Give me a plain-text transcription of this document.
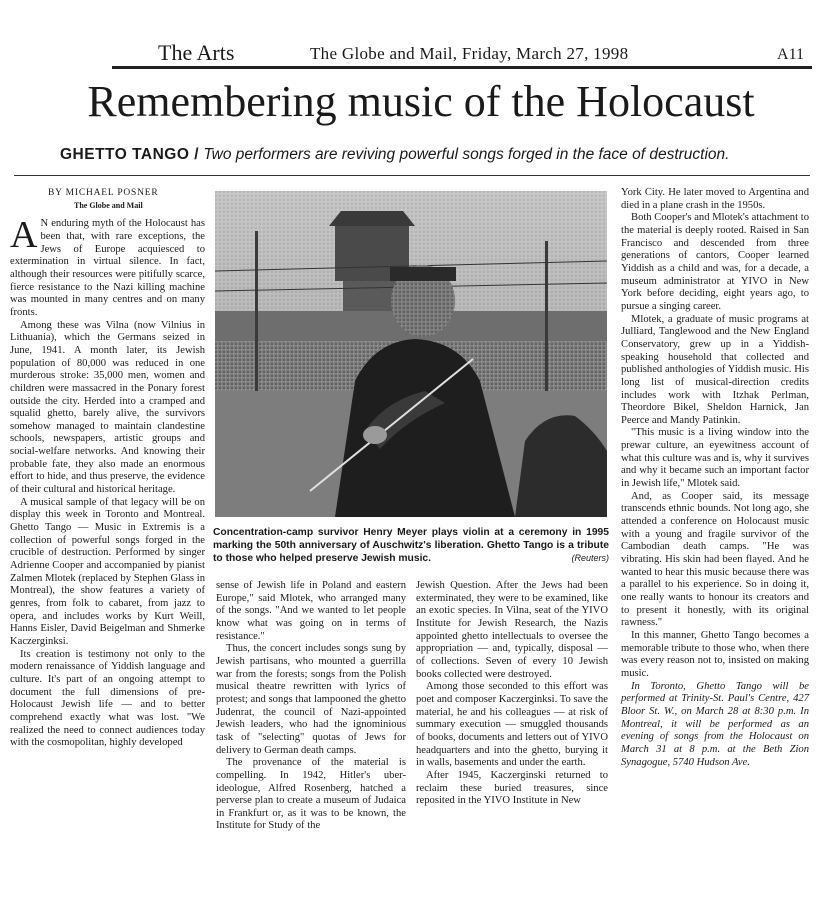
The Arts	The Globe and Mail, Friday, March 27, 1998	A11
Remembering music of the Holocaust
GHETTO TANGO / Two performers are reviving powerful songs forged in the face of destruction.
BY MICHAEL POSNER
The Globe and Mail

A N enduring myth of the Holocaust has been that, with rare exceptions, the Jews of Europe acquiesced to extermination in virtual silence. In fact, although their resources were pitifully scarce, fierce resistance to the Nazi killing machine was mounted in many centres and on many fronts.

Among these was Vilna (now Vilnius in Lithuania), which the Germans seized in June, 1941. A month later, its Jewish population of 80,000 was reduced in one murderous stroke: 35,000 men, women and children were massacred in the Ponary forest outside the city. Herded into a cramped and squalid ghetto, barely alive, the survivors somehow managed to maintain clandestine schools, newspapers, artistic groups and social-welfare networks. And knowing their probable fate, they also made an enormous effort to hide, and thus preserve, the evidence of their cultural and historical heritage.

A musical sample of that legacy will be on display this week in Toronto and Montreal. Ghetto Tango — Music in Extremis is a collection of powerful songs forged in the crucible of destruction. Performed by singer Adrienne Cooper and accompanied by pianist Zalmen Mlotek (replaced by Stephen Glass in Montreal), the show features a variety of genres, from folk to cabaret, from jazz to opera, and includes works by Kurt Weill, Hanns Eisler, David Beigelman and Shmerke Kaczerginksi.

Its creation is testimony not only to the modern renaissance of Yiddish language and culture. It's part of an ongoing attempt to document the full dimensions of pre-Holocaust Jewish life — and to better comprehend exactly what was lost. "We realized the need to connect audiences today with the cosmopolitan, highly developed

Concentration-camp survivor Henry Meyer plays violin at a ceremony in 1995 marking the 50th anniversary of Auschwitz's liberation. Ghetto Tango is a tribute to those who helped preserve Jewish music.	(Reuters)

sense of Jewish life in Poland and eastern Europe," said Mlotek, who arranged many of the songs. "And we wanted to let people know what was going on in terms of resistance."

Thus, the concert includes songs sung by Jewish partisans, who mounted a guerrilla war from the forests; songs from the Polish musical theatre rewritten with lyrics of protest; and songs that lampooned the ghetto Judenrat, the council of Nazi-appointed Jewish leaders, who had the ignominious task of "selecting" quotas of Jews for delivery to German death camps.

The provenance of the material is compelling. In 1942, Hitler's uber-ideologue, Alfred Rosenberg, hatched a perverse plan to create a museum of Judaica in Frankfurt or, as it was to be known, the Institute for Study of the

Jewish Question. After the Jews had been exterminated, they were to be examined, like an exotic species. In Vilna, seat of the YIVO Institute for Jewish Research, the Nazis appointed ghetto intellectuals to oversee the appropriation — and, typically, disposal — of collections. Seven of every 10 Jewish books collected were destroyed.

Among those seconded to this effort was poet and composer Kaczerginksi. To save the material, he and his colleagues — at risk of summary execution — smuggled thousands of books, documents and letters out of YIVO headquarters and into the ghetto, burying it in walls, basements and under the earth.

After 1945, Kaczerginski returned to reclaim these buried treasures, since reposited in the YIVO Institute in New

York City. He later moved to Argentina and died in a plane crash in the 1950s.

Both Cooper's and Mlotek's attachment to the material is deeply rooted. Raised in San Francisco and descended from three generations of cantors, Cooper learned Yiddish as a child and was, for a decade, a museum administrator at YIVO in New York before deciding, eight years ago, to pursue a singing career.

Mlotek, a graduate of music programs at Julliard, Tanglewood and the New England Conservatory, grew up in a Yiddish-speaking household that collected and published anthologies of Yiddish music. His long list of musical-direction credits includes work with Itzhak Perlman, Theordore Bikel, Sheldon Harnick, Jan Peerce and Mandy Patinkin.

"This music is a living window into the prewar culture, an eyewitness account of what this culture was and is, why it survives and why it became such an important factor in Jewish life," Mlotek said.

And, as Cooper said, its message transcends ethnic bounds. Not long ago, she attended a conference on Holocaust music with a young and fragile survivor of the Cambodian death camps. "He was vibrating. His skin had been flayed. And he wanted to hear this music because there was a parallel to his experience. So in doing it, one really wants to honour its creators and to present it honestly, with its original rawness."

In this manner, Ghetto Tango becomes a memorable tribute to those who, when there was every reason not to, insisted on making music.

In Toronto, Ghetto Tango will be performed at Trinity-St. Paul's Centre, 427 Bloor St. W., on March 28 at 8:30 p.m. In Montreal, it will be performed as an evening of songs from the Holocaust on March 31 at 8 p.m. at the Beth Zion Synagogue, 5740 Hudson Ave.
